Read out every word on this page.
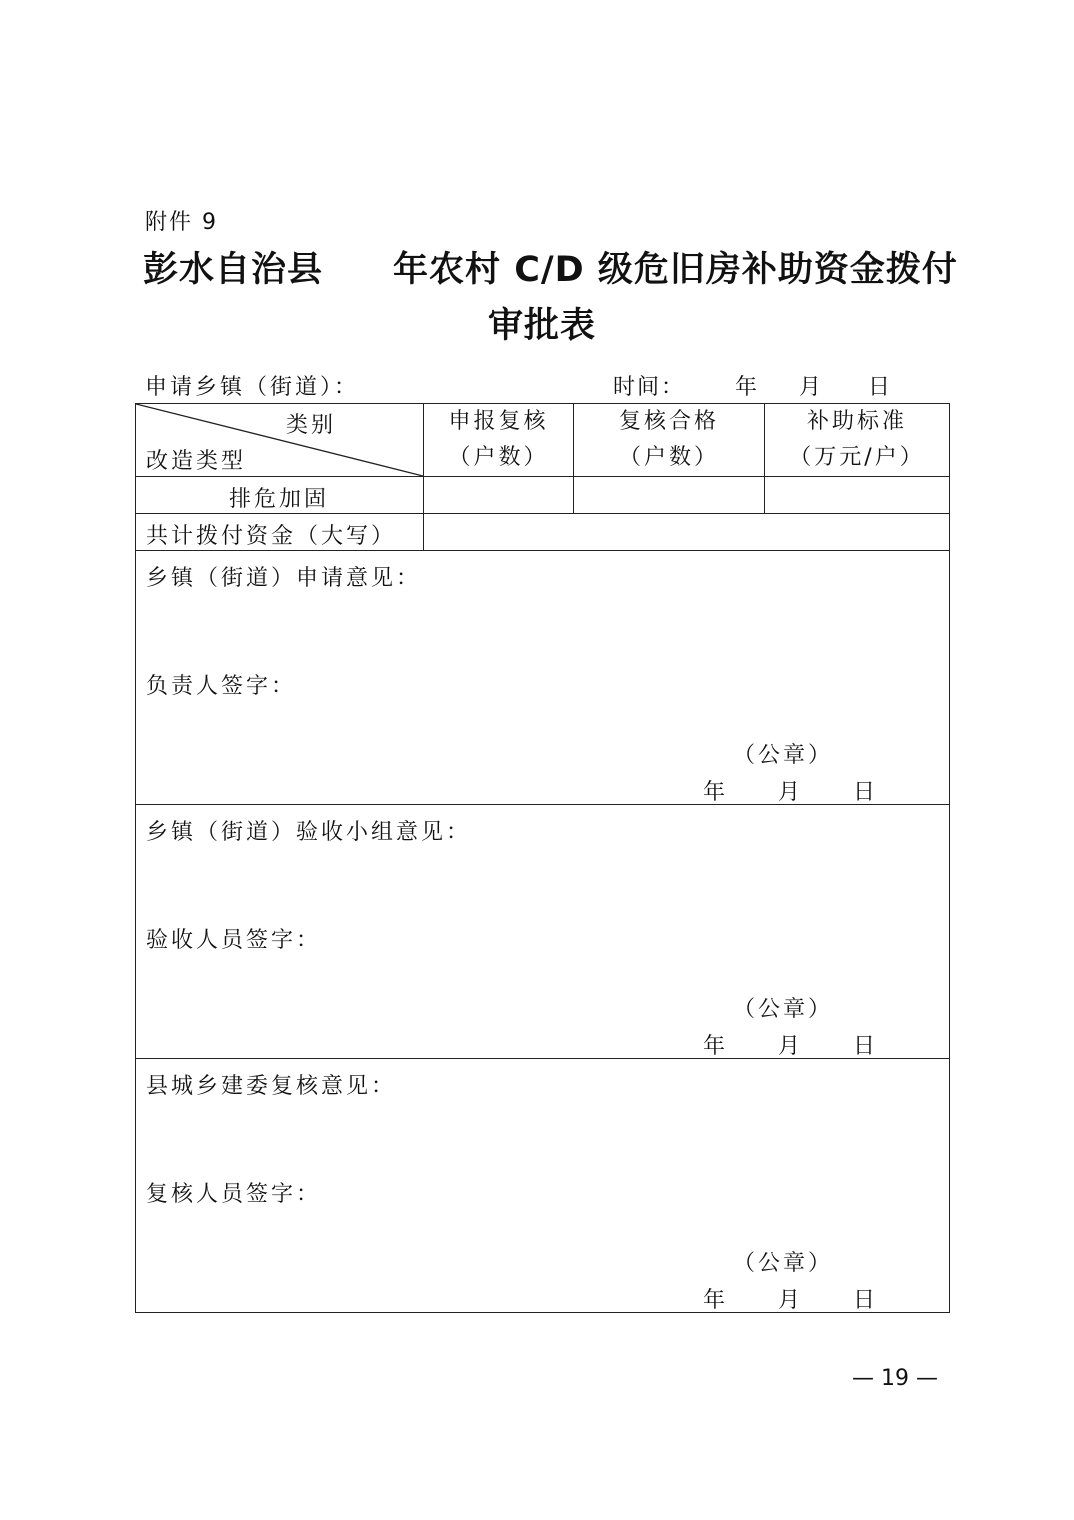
附件 9
彭水自治县 年农村 C/D 级危旧房补助资金拨付
审批表
申请乡镇（街道）：	时间： 年 月 日
类别
改造类型
申报复核
（户数）
复核合格
（户数）
补助标准
（万元/户）
排危加固
共计拨付资金（大写）
乡镇（街道）申请意见：
负责人签字：
（公章）
年 月 日
乡镇（街道）验收小组意见：
验收人员签字：
（公章）
年 月 日
县城乡建委复核意见：
复核人员签字：
（公章）
年 月 日
— 19 —
